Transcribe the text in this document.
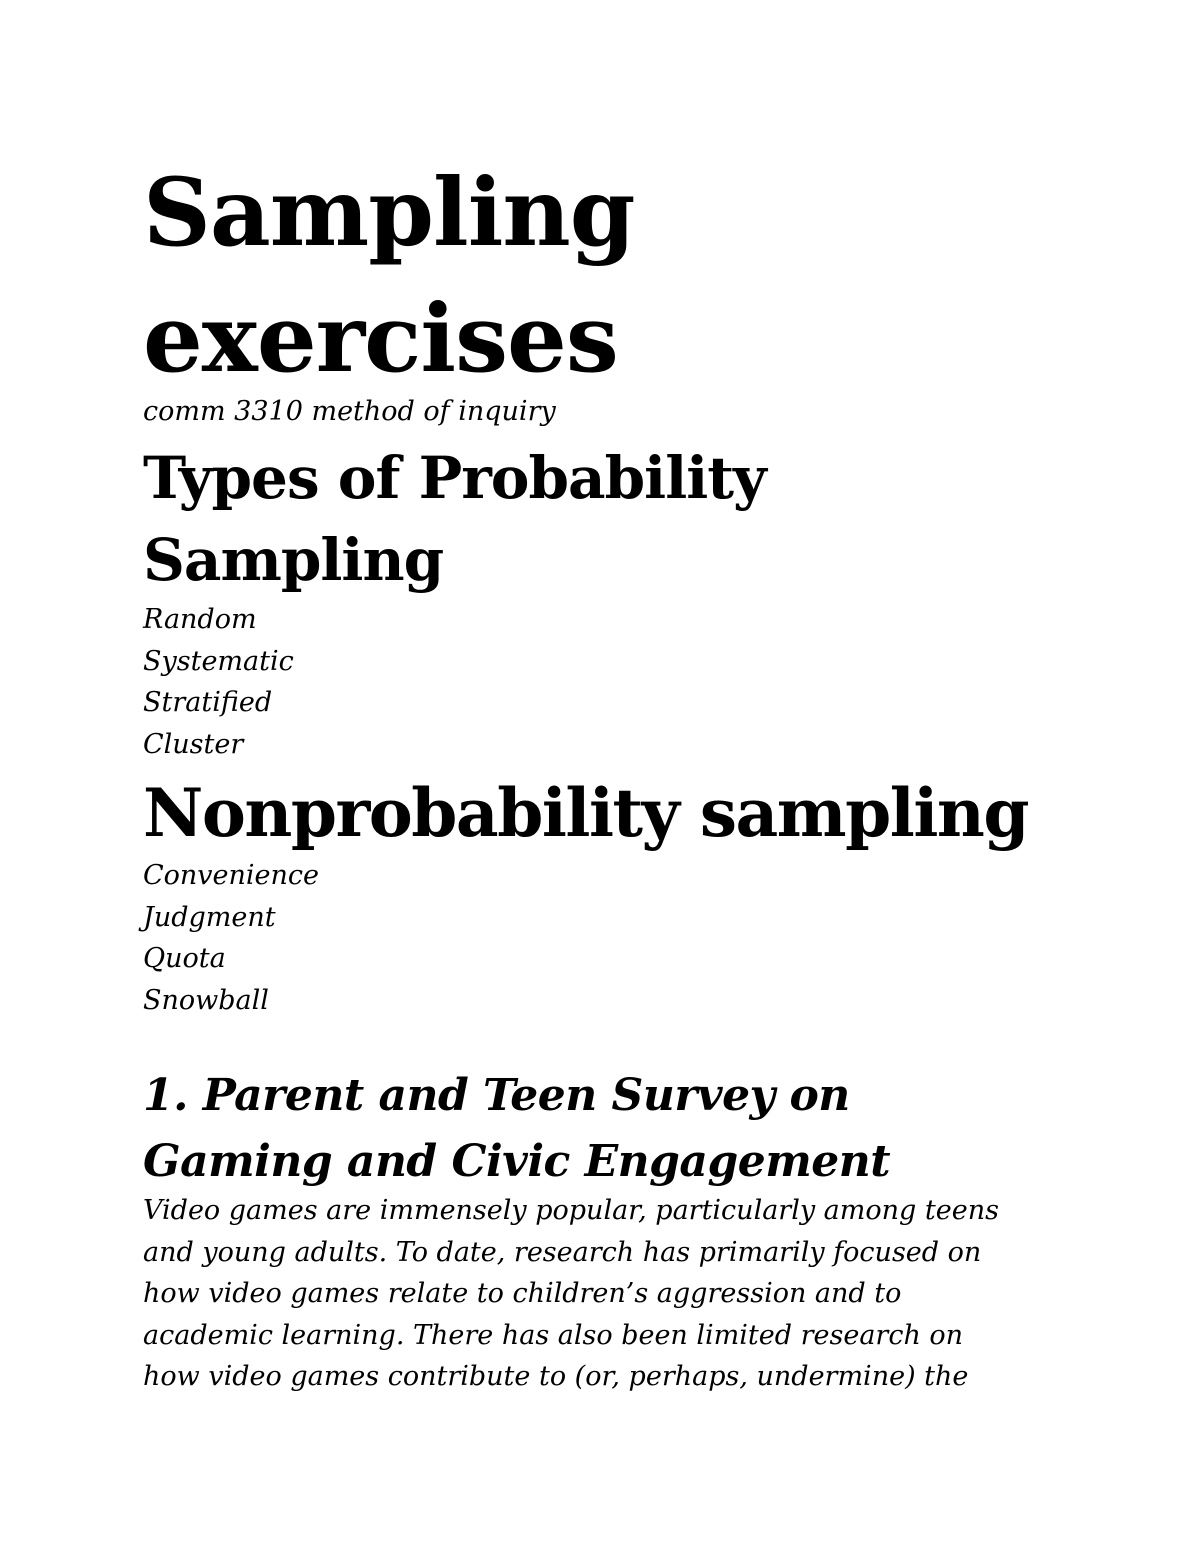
Sampling
exercises

comm 3310 method of inquiry

Types of Probability
Sampling
Random
Systematic
Stratified
Cluster
Nonprobability sampling
Convenience
Judgment
Quota
Snowball
1. Parent and Teen Survey on
Gaming and Civic Engagement

Video games are immensely popular, particularly among teens
and young adults. To date, research has primarily focused on
how video games relate to children’s aggression and to
academic learning. There has also been limited research on
how video games contribute to (or, perhaps, undermine) the
